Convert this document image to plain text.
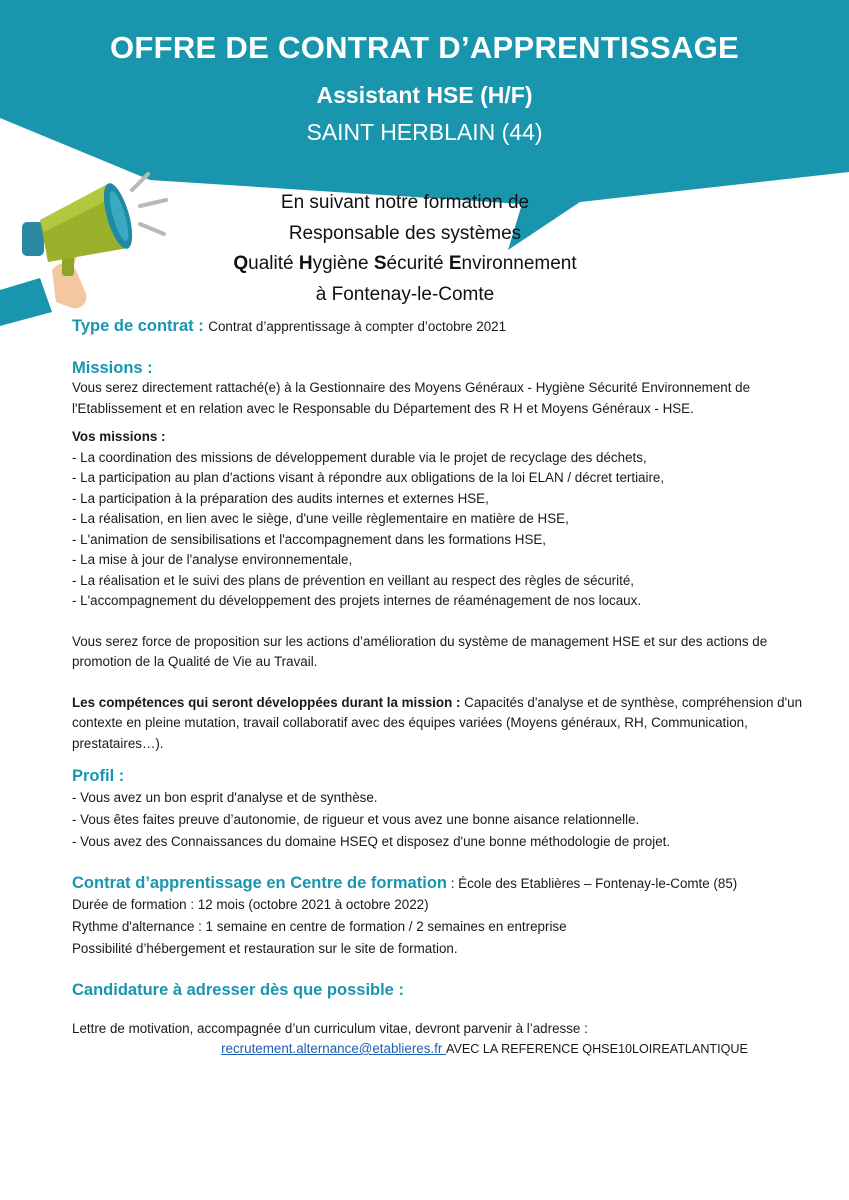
OFFRE DE CONTRAT D’APPRENTISSAGE
Assistant HSE (H/F)
SAINT HERBLAIN (44)
En suivant notre formation de
Responsable des systèmes
Qualité Hygiène Sécurité Environnement
à Fontenay-le-Comte

Type de contrat : Contrat d’apprentissage à compter d’octobre 2021

Missions :

Vous serez directement rattaché(e) à la Gestionnaire des Moyens Généraux - Hygiène Sécurité Environnement de l'Etablissement et en relation avec le Responsable du Département des R H et Moyens Généraux - HSE.

Vos missions :

- La coordination des missions de développement durable via le projet de recyclage des déchets,
- La participation au plan d'actions visant à répondre aux obligations de la loi ELAN / décret tertiaire,
- La participation à la préparation des audits internes et externes HSE,
- La réalisation, en lien avec le siège, d'une veille règlementaire en matière de HSE,
- L'animation de sensibilisations et l'accompagnement dans les formations HSE,
- La mise à jour de l'analyse environnementale,
- La réalisation et le suivi des plans de prévention en veillant au respect des règles de sécurité,
- L'accompagnement du développement des projets internes de réaménagement de nos locaux.

Vous serez force de proposition sur les actions d’amélioration du système de management HSE et sur des actions de promotion de la Qualité de Vie au Travail.

Les compétences qui seront développées durant la mission : Capacités d'analyse et de synthèse, compréhension d'un contexte en pleine mutation, travail collaboratif avec des équipes variées (Moyens généraux, RH, Communication, prestataires…).

Profil :
- Vous avez un bon esprit d'analyse et de synthèse.
- Vous êtes faites preuve d’autonomie, de rigueur et vous avez une bonne aisance relationnelle.
- Vous avez des Connaissances du domaine HSEQ et disposez d'une bonne méthodologie de projet.

Contrat d’apprentissage en Centre de formation : École des Etablières – Fontenay-le-Comte (85)

Durée de formation : 12 mois (octobre 2021 à octobre 2022)
Rythme d'alternance : 1 semaine en centre de formation / 2 semaines en entreprise
Possibilité d’hébergement et restauration sur le site de formation.
Candidature à adresser dès que possible :

Lettre de motivation, accompagnée d’un curriculum vitae, devront parvenir à l’adresse :

recrutement.alternance@etablieres.fr AVEC LA REFERENCE QHSE10LOIREATLANTIQUE
